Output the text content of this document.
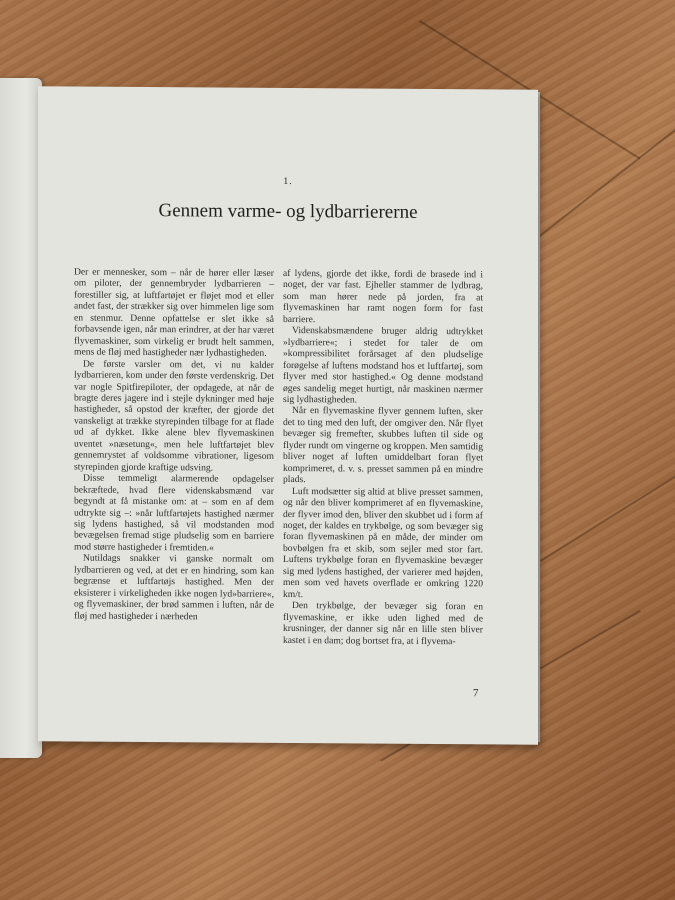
1.
Gennem varme- og lydbarriererne

Der er mennesker, som – når de hører eller læser om piloter, der gennembryder lydbarrieren – forestiller sig, at luftfartøjet er fløjet mod et eller andet fast, der strækker sig over himmelen lige som en stenmur. Denne opfattelse er slet ikke så forbavsende igen, når man erindrer, at der har været flyvemaskiner, som virkelig er brudt helt sammen, mens de fløj med hastigheder nær lydhastigheden.

De første varsler om det, vi nu kalder lydbarrieren, kom under den første verdenskrig. Det var nogle Spitfirepiloter, der opdagede, at når de bragte deres jagere ind i stejle dykninger med høje hastigheder, så opstod der kræfter, der gjorde det vanskeligt at trække styrepinden tilbage for at flade ud af dykket. Ikke alene blev flyvemaskinen uventet »næsetung«, men hele luftfartøjet blev gennemrystet af voldsomme vibrationer, ligesom styrepinden gjorde kraftige udsving.

Disse temmeligt alarmerende opdagelser bekræftede, hvad flere videnskabsmænd var begyndt at få mistanke om: at – som en af dem udtrykte sig –: »når luftfartøjets hastighed nærmer sig lydens hastighed, så vil modstanden mod bevægelsen fremad stige pludselig som en barriere mod større hastigheder i fremtiden.«

Nutildags snakker vi ganske normalt om lydbarrieren og ved, at det er en hindring, som kan begrænse et luftfartøjs hastighed. Men der eksisterer i virkeligheden ikke nogen lyd»barriere«, og flyvemaskiner, der brød sammen i luften, når de fløj med hastigheder i nærheden

af lydens, gjorde det ikke, fordi de brasede ind i noget, der var fast. Ejheller stammer de lydbrag, som man hører nede på jorden, fra at flyvemaskinen har ramt nogen form for fast barriere.

Videnskabsmændene bruger aldrig udtrykket »lydbarriere«; i stedet for taler de om »kompressibilitet forårsaget af den pludselige forøgelse af luftens modstand hos et luftfartøj, som flyver med stor hastighed.« Og denne modstand øges sandelig meget hurtigt, når maskinen nærmer sig lydhastigheden.

Når en flyvemaskine flyver gennem luften, sker det to ting med den luft, der omgiver den. Når flyet bevæger sig fremefter, skubbes luften til side og flyder rundt om vingerne og kroppen. Men samtidig bliver noget af luften umiddelbart foran flyet komprimeret, d. v. s. presset sammen på en mindre plads.

Luft modsætter sig altid at blive presset sammen, og når den bliver komprimeret af en flyvemaskine, der flyver imod den, bliver den skubbet ud i form af noget, der kaldes en trykbølge, og som bevæger sig foran flyvemaskinen på en måde, der minder om bovbølgen fra et skib, som sejler med stor fart. Luftens trykbølge foran en flyvemaskine bevæger sig med lydens hastighed, der varierer med højden, men som ved havets overflade er omkring 1220 km/t.

Den trykbølge, der bevæger sig foran en flyvemaskine, er ikke uden lighed med de krusninger, der danner sig når en lille sten bliver kastet i en dam; dog bortset fra, at i flyvema-

7
